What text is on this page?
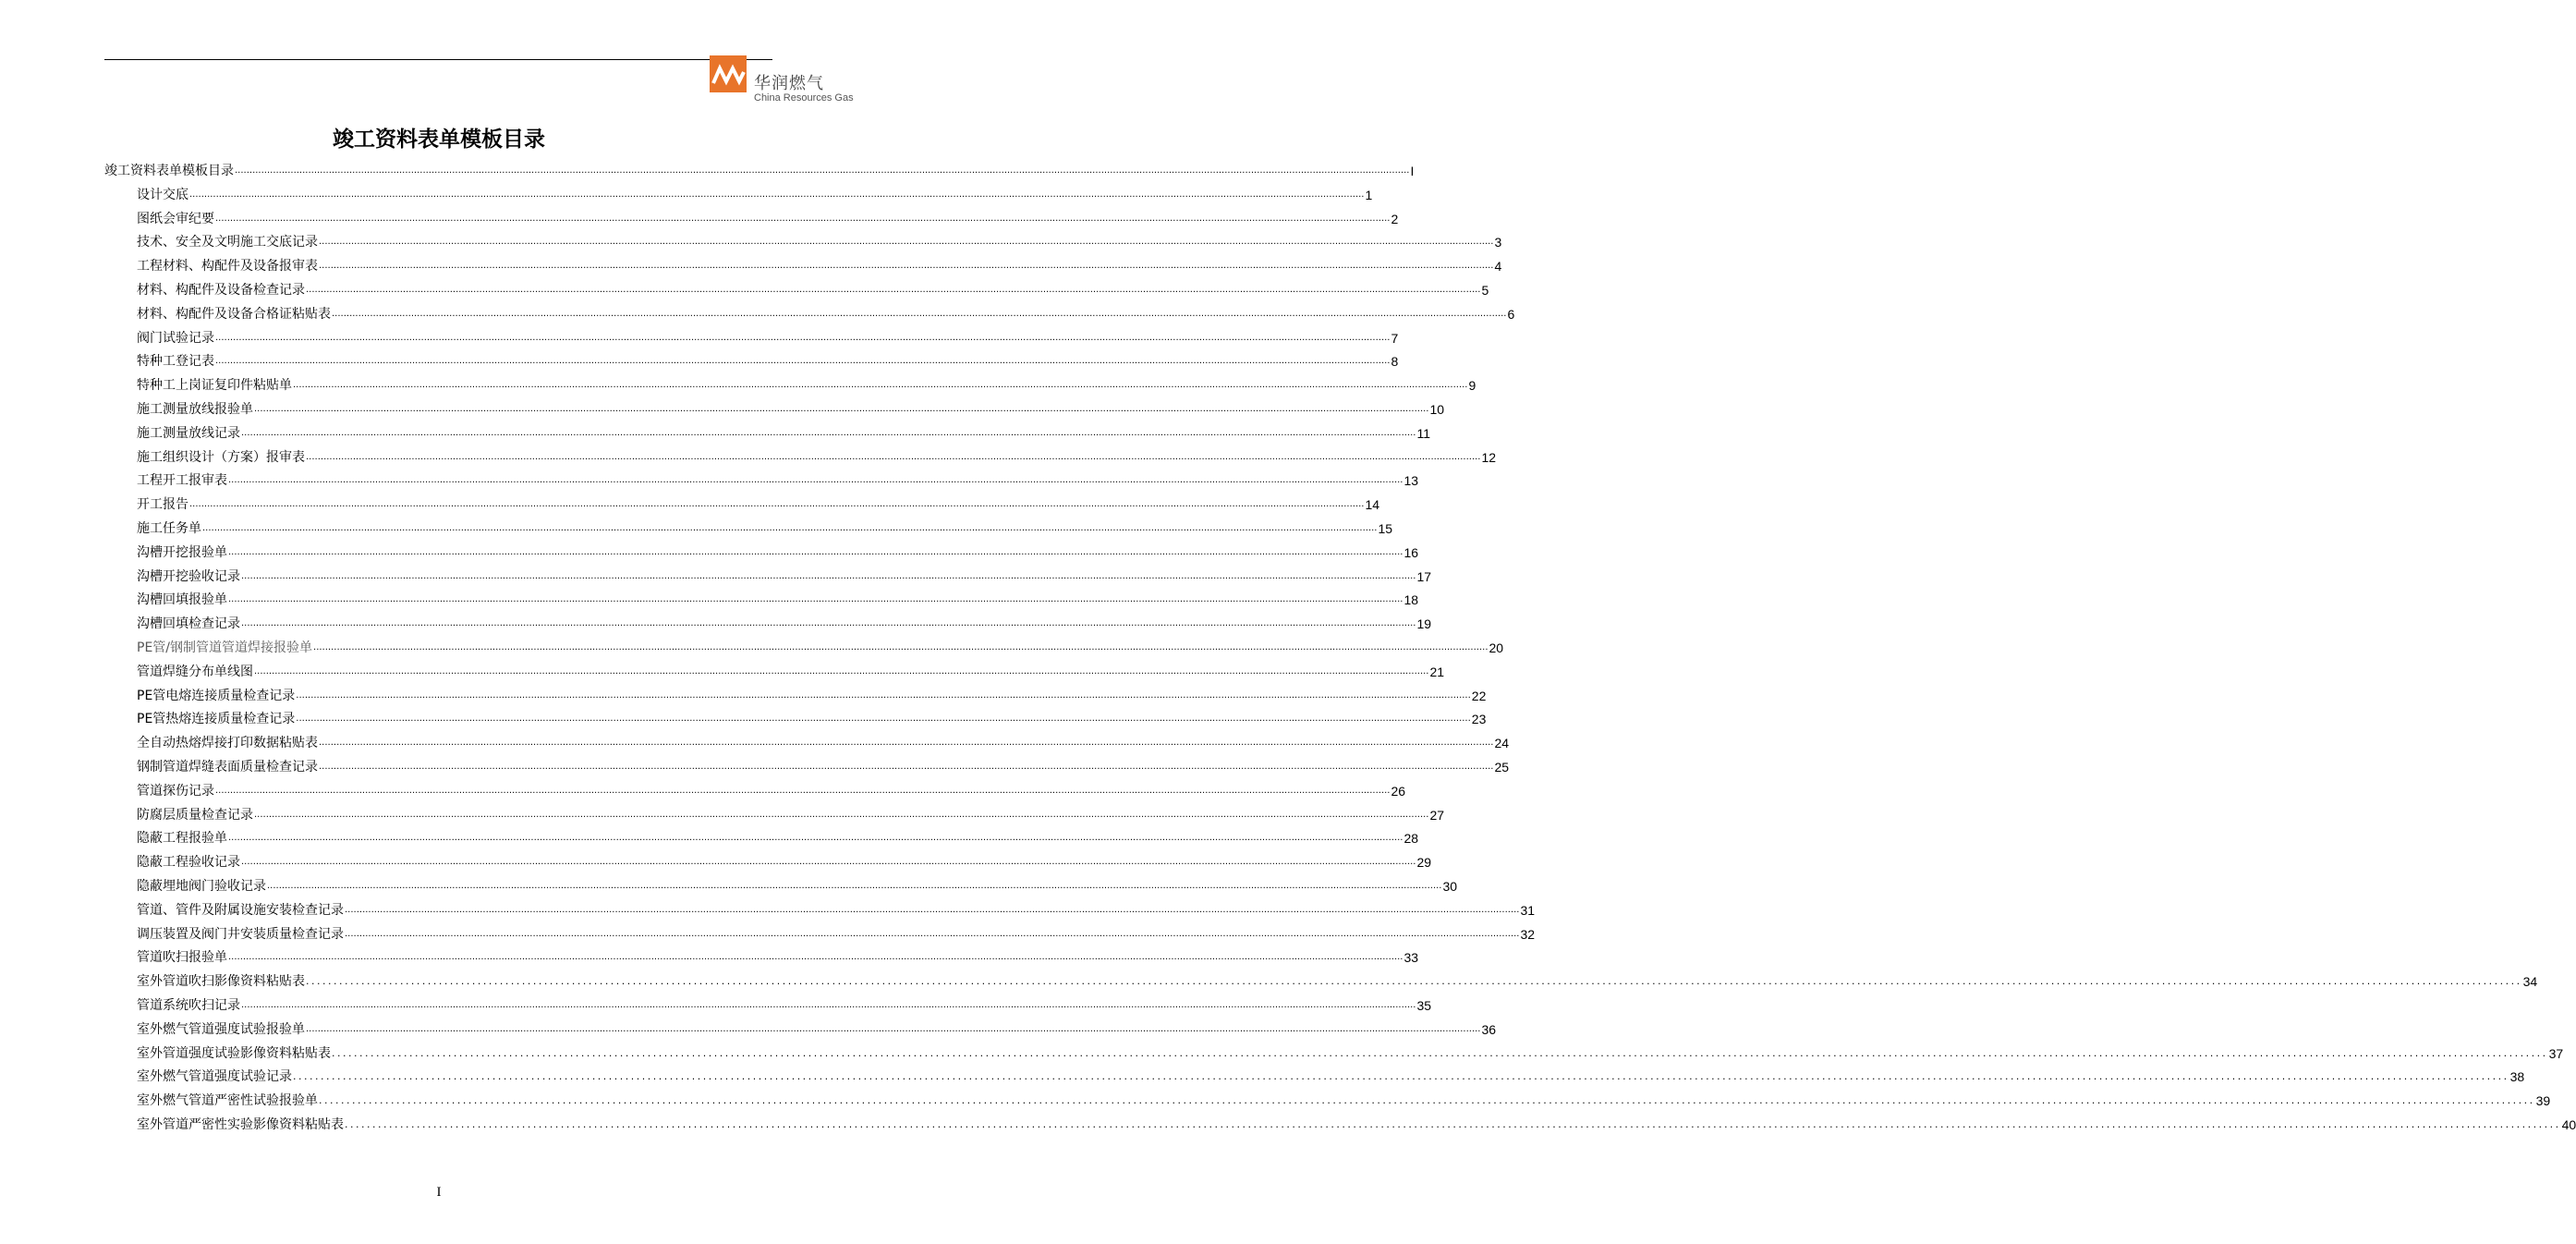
华润燃气
China Resources Gas
竣工资料表单模板目录
竣工资料表单模板目录 ................................................................................................................................................................................................................................................................................................................................................................................................................ I
设计交底 ................................................................................................................................................................................................................................................................................................................................................................................................................ 1
图纸会审纪要 ................................................................................................................................................................................................................................................................................................................................................................................................................ 2
技术、安全及文明施工交底记录 ................................................................................................................................................................................................................................................................................................................................................................................................................ 3
工程材料、构配件及设备报审表 ................................................................................................................................................................................................................................................................................................................................................................................................................ 4
材料、构配件及设备检查记录 ................................................................................................................................................................................................................................................................................................................................................................................................................ 5
材料、构配件及设备合格证粘贴表 ................................................................................................................................................................................................................................................................................................................................................................................................................ 6
阀门试验记录 ................................................................................................................................................................................................................................................................................................................................................................................................................ 7
特种工登记表 ................................................................................................................................................................................................................................................................................................................................................................................................................ 8
特种工上岗证复印件粘贴单 ................................................................................................................................................................................................................................................................................................................................................................................................................ 9
施工测量放线报验单 ................................................................................................................................................................................................................................................................................................................................................................................................................ 10
施工测量放线记录 ................................................................................................................................................................................................................................................................................................................................................................................................................ 11
施工组织设计（方案）报审表 ................................................................................................................................................................................................................................................................................................................................................................................................................ 12
工程开工报审表 ................................................................................................................................................................................................................................................................................................................................................................................................................ 13
开工报告 ................................................................................................................................................................................................................................................................................................................................................................................................................ 14
施工任务单 ................................................................................................................................................................................................................................................................................................................................................................................................................ 15
沟槽开挖报验单 ................................................................................................................................................................................................................................................................................................................................................................................................................ 16
沟槽开挖验收记录 ................................................................................................................................................................................................................................................................................................................................................................................................................ 17
沟槽回填报验单 ................................................................................................................................................................................................................................................................................................................................................................................................................ 18
沟槽回填检查记录 ................................................................................................................................................................................................................................................................................................................................................................................................................ 19
PE管/钢制管道管道焊接报验单 ................................................................................................................................................................................................................................................................................................................................................................................................................ 20
管道焊缝分布单线图 ................................................................................................................................................................................................................................................................................................................................................................................................................ 21
PE管电熔连接质量检查记录 ................................................................................................................................................................................................................................................................................................................................................................................................................ 22
PE管热熔连接质量检查记录 ................................................................................................................................................................................................................................................................................................................................................................................................................ 23
全自动热熔焊接打印数据粘贴表 ................................................................................................................................................................................................................................................................................................................................................................................................................ 24
钢制管道焊缝表面质量检查记录 ................................................................................................................................................................................................................................................................................................................................................................................................................ 25
管道探伤记录 ................................................................................................................................................................................................................................................................................................................................................................................................................ 26
防腐层质量检查记录 ................................................................................................................................................................................................................................................................................................................................................................................................................ 27
隐蔽工程报验单 ................................................................................................................................................................................................................................................................................................................................................................................................................ 28
隐蔽工程验收记录 ................................................................................................................................................................................................................................................................................................................................................................................................................ 29
隐蔽埋地阀门验收记录 ................................................................................................................................................................................................................................................................................................................................................................................................................ 30
管道、管件及附属设施安装检查记录 ................................................................................................................................................................................................................................................................................................................................................................................................................ 31
调压装置及阀门井安装质量检查记录 ................................................................................................................................................................................................................................................................................................................................................................................................................ 32
管道吹扫报验单 ................................................................................................................................................................................................................................................................................................................................................................................................................ 33
室外管道吹扫影像资料粘贴表 ................................................................................................................................................................................................................................................................................................................................................................................................................ 34
管道系统吹扫记录 ................................................................................................................................................................................................................................................................................................................................................................................................................ 35
室外燃气管道强度试验报验单 ................................................................................................................................................................................................................................................................................................................................................................................................................ 36
室外管道强度试验影像资料粘贴表 ................................................................................................................................................................................................................................................................................................................................................................................................................ 37
室外燃气管道强度试验记录 ................................................................................................................................................................................................................................................................................................................................................................................................................ 38
室外燃气管道严密性试验报验单 ................................................................................................................................................................................................................................................................................................................................................................................................................ 39
室外管道严密性实验影像资料粘贴表 ................................................................................................................................................................................................................................................................................................................................................................................................................ 40
I
